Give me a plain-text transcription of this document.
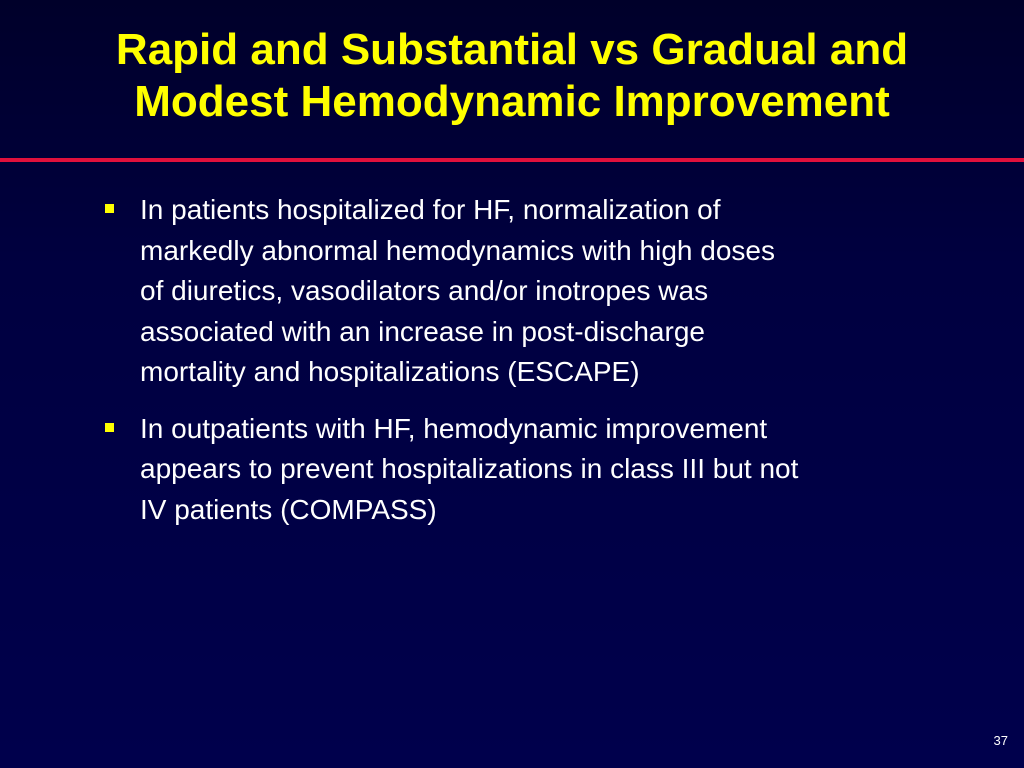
Rapid and Substantial vs Gradual and
Modest Hemodynamic Improvement
In patients hospitalized for HF, normalization of
markedly abnormal hemodynamics with high doses
of diuretics, vasodilators and/or inotropes was
associated with an increase in post-discharge
mortality and hospitalizations (ESCAPE)
In outpatients with HF, hemodynamic improvement
appears to prevent hospitalizations in class III but not
IV patients (COMPASS)
37
